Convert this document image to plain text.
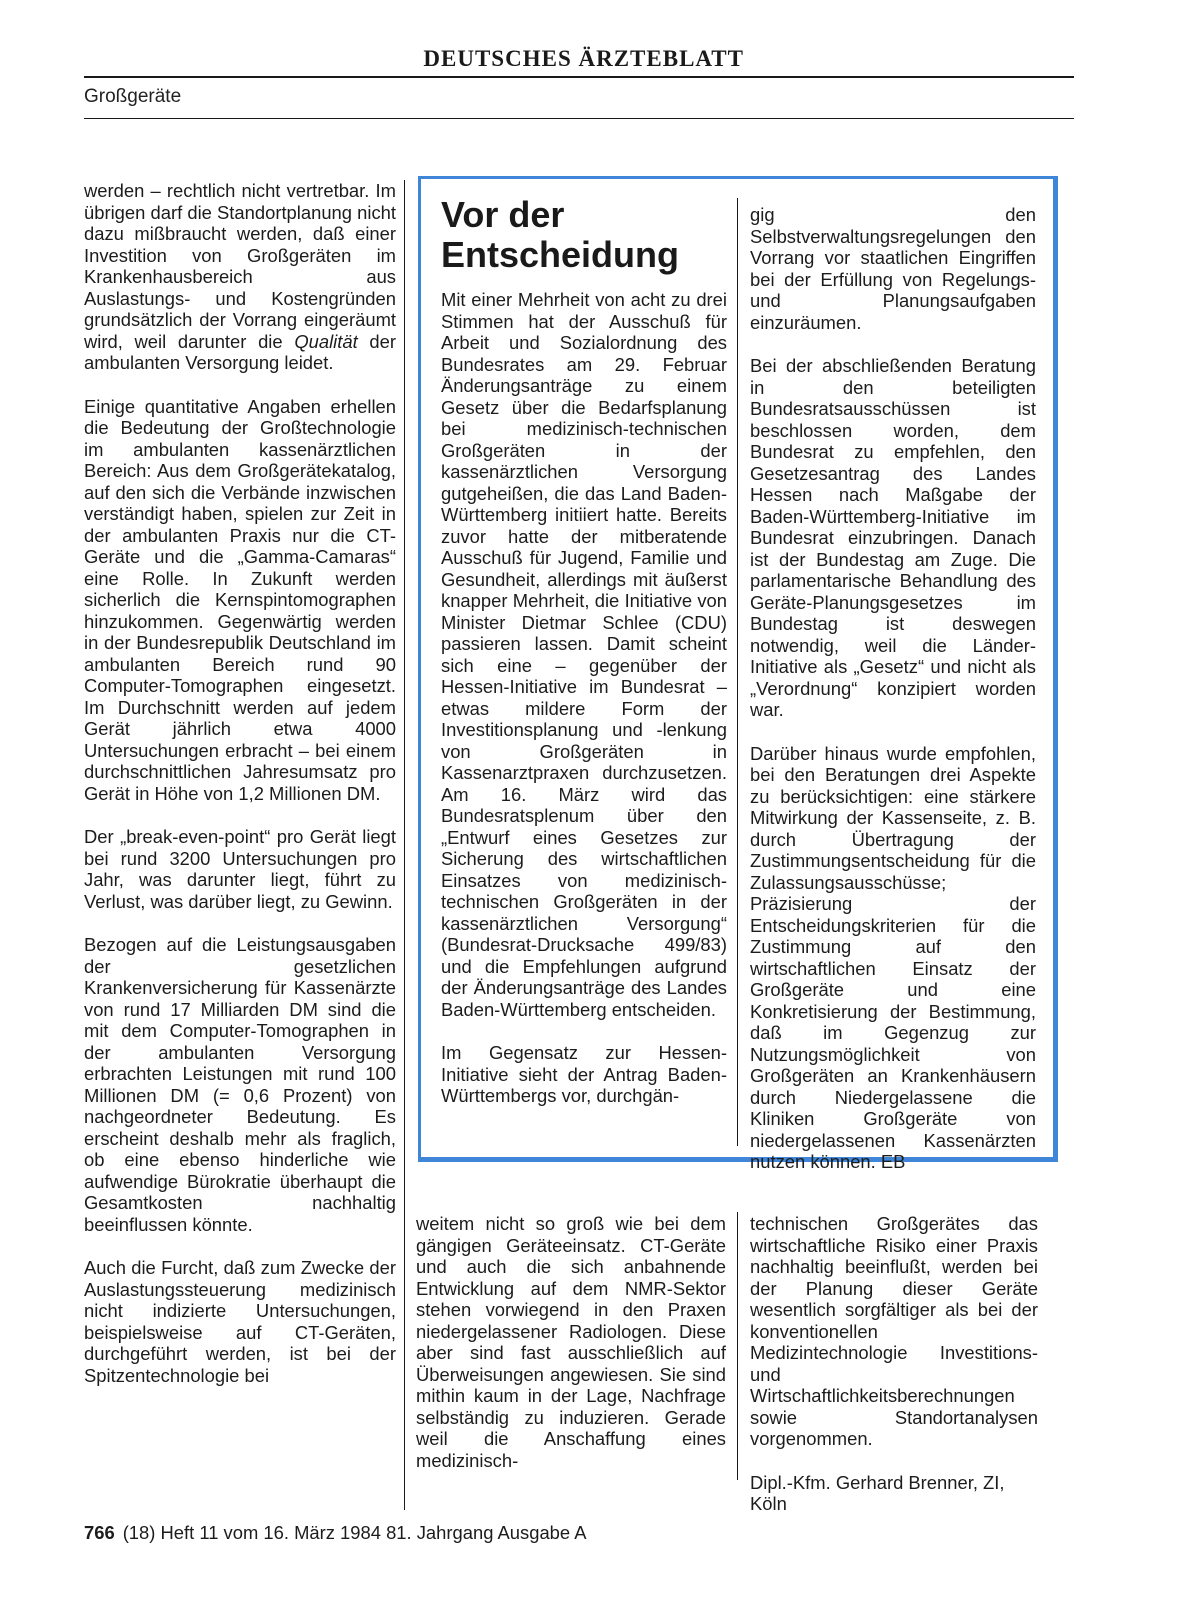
DEUTSCHES ÄRZTEBLATT
Großgeräte

werden – rechtlich nicht vertretbar. Im übrigen darf die Standortplanung nicht dazu mißbraucht werden, daß einer Investition von Großgeräten im Krankenhausbereich aus Auslastungs- und Kostengründen grundsätzlich der Vorrang eingeräumt wird, weil darunter die Qualität der ambulanten Versorgung leidet.

Einige quantitative Angaben erhellen die Bedeutung der Großtechnologie im ambulanten kassenärztlichen Bereich: Aus dem Großgerätekatalog, auf den sich die Verbände inzwischen verständigt haben, spielen zur Zeit in der ambulanten Praxis nur die CT-Geräte und die „Gamma-Camaras“ eine Rolle. In Zukunft werden sicherlich die Kernspintomographen hinzukommen. Gegenwärtig werden in der Bundesrepublik Deutschland im ambulanten Bereich rund 90 Computer-Tomographen eingesetzt. Im Durchschnitt werden auf jedem Gerät jährlich etwa 4000 Untersuchungen erbracht – bei einem durchschnittlichen Jahresumsatz pro Gerät in Höhe von 1,2 Millionen DM.

Der „break-even-point“ pro Gerät liegt bei rund 3200 Untersuchungen pro Jahr, was darunter liegt, führt zu Verlust, was darüber liegt, zu Gewinn.

Bezogen auf die Leistungsausgaben der gesetzlichen Krankenversicherung für Kassenärzte von rund 17 Milliarden DM sind die mit dem Computer-Tomographen in der ambulanten Versorgung erbrachten Leistungen mit rund 100 Millionen DM (= 0,6 Prozent) von nachgeordneter Bedeutung. Es erscheint deshalb mehr als fraglich, ob eine ebenso hinderliche wie aufwendige Bürokratie überhaupt die Gesamtkosten nachhaltig beeinflussen könnte.

Auch die Furcht, daß zum Zwecke der Auslastungssteuerung medizinisch nicht indizierte Untersuchungen, beispielsweise auf CT-Geräten, durchgeführt werden, ist bei der Spitzentechnologie bei

Vor der Entscheidung

Mit einer Mehrheit von acht zu drei Stimmen hat der Ausschuß für Arbeit und Sozialordnung des Bundesrates am 29. Februar Änderungsanträge zu einem Gesetz über die Bedarfsplanung bei medizinisch-technischen Großgeräten in der kassenärztlichen Versorgung gutgeheißen, die das Land Baden-Württemberg initiiert hatte. Bereits zuvor hatte der mitberatende Ausschuß für Jugend, Familie und Gesundheit, allerdings mit äußerst knapper Mehrheit, die Initiative von Minister Dietmar Schlee (CDU) passieren lassen. Damit scheint sich eine – gegenüber der Hessen-Initiative im Bundesrat – etwas mildere Form der Investitionsplanung und -lenkung von Großgeräten in Kassenarztpraxen durchzusetzen. Am 16. März wird das Bundesratsplenum über den „Entwurf eines Gesetzes zur Sicherung des wirtschaftlichen Einsatzes von medizinisch-technischen Großgeräten in der kassenärztlichen Versorgung“ (Bundesrat-Drucksache 499/83) und die Empfehlungen aufgrund der Änderungsanträge des Landes Baden-Württemberg entscheiden.

Im Gegensatz zur Hessen-Initiative sieht der Antrag Baden-Württembergs vor, durchgän-

gig den Selbstverwaltungsregelungen den Vorrang vor staatlichen Eingriffen bei der Erfüllung von Regelungs- und Planungsaufgaben einzuräumen.

Bei der abschließenden Beratung in den beteiligten Bundesratsausschüssen ist beschlossen worden, dem Bundesrat zu empfehlen, den Gesetzesantrag des Landes Hessen nach Maßgabe der Baden-Württemberg-Initiative im Bundesrat einzubringen. Danach ist der Bundestag am Zuge. Die parlamentarische Behandlung des Geräte-Planungsgesetzes im Bundestag ist deswegen notwendig, weil die Länder-Initiative als „Gesetz“ und nicht als „Verordnung“ konzipiert worden war.

Darüber hinaus wurde empfohlen, bei den Beratungen drei Aspekte zu berücksichtigen: eine stärkere Mitwirkung der Kassenseite, z. B. durch Übertragung der Zustimmungsentscheidung für die Zulassungsausschüsse; Präzisierung der Entscheidungskriterien für die Zustimmung auf den wirtschaftlichen Einsatz der Großgeräte und eine Konkretisierung der Bestimmung, daß im Gegenzug zur Nutzungsmöglichkeit von Großgeräten an Krankenhäusern durch Niedergelassene die Kliniken Großgeräte von niedergelassenen Kassenärzten nutzen können. EB

weitem nicht so groß wie bei dem gängigen Geräteeinsatz. CT-Geräte und auch die sich anbahnende Entwicklung auf dem NMR-Sektor stehen vorwiegend in den Praxen niedergelassener Radiologen. Diese aber sind fast ausschließlich auf Überweisungen angewiesen. Sie sind mithin kaum in der Lage, Nachfrage selbständig zu induzieren. Gerade weil die Anschaffung eines medizinisch-

technischen Großgerätes das wirtschaftliche Risiko einer Praxis nachhaltig beeinflußt, werden bei der Planung dieser Geräte wesentlich sorgfältiger als bei der konventionellen Medizintechnologie Investitions- und Wirtschaftlichkeitsberechnungen sowie Standortanalysen vorgenommen.

Dipl.-Kfm. Gerhard Brenner, ZI, Köln

766 (18) Heft 11 vom 16. März 1984 81. Jahrgang Ausgabe A
